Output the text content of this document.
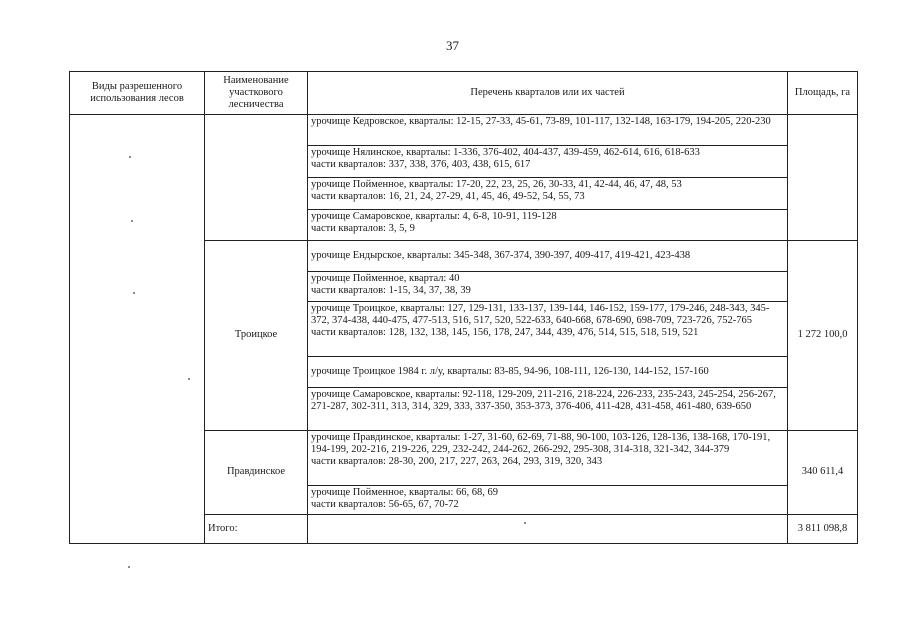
37
Виды разрешенного использования лесов	Наименование участкового лесничества	Перечень кварталов или их частей	Площадь, га

		урочище Кедровское, кварталы: 12-15, 27-33, 45-61, 73-89, 101-117, 132-148, 163-179, 194-205, 220-230	

		урочище Нялинское, кварталы: 1-336, 376-402, 404-437, 439-459, 462-614, 616, 618-633
части кварталов: 337, 338, 376, 403, 438, 615, 617	

		урочище Пойменное, кварталы: 17-20, 22, 23, 25, 26, 30-33, 41, 42-44, 46, 47, 48, 53
части кварталов: 16, 21, 24, 27-29, 41, 45, 46, 49-52, 54, 55, 73	

		урочище Самаровское, кварталы: 4, 6-8, 10-91, 119-128
части кварталов: 3, 5, 9	

	Троицкое	урочище Ендырское, кварталы: 345-348, 367-374, 390-397, 409-417, 419-421, 423-438	1 272 100,0

		урочище Пойменное, квартал: 40
части кварталов: 1-15, 34, 37, 38, 39	

		урочище Троицкое, кварталы: 127, 129-131, 133-137, 139-144, 146-152, 159-177, 179-246, 248-343, 345-372, 374-438, 440-475, 477-513, 516, 517, 520, 522-633, 640-668, 678-690, 698-709, 723-726, 752-765
части кварталов: 128, 132, 138, 145, 156, 178, 247, 344, 439, 476, 514, 515, 518, 519, 521	

		урочище Троицкое 1984 г. л/у, кварталы: 83-85, 94-96, 108-111, 126-130, 144-152, 157-160	

		урочище Самаровское, кварталы: 92-118, 129-209, 211-216, 218-224, 226-233, 235-243, 245-254, 256-267, 271-287, 302-311, 313, 314, 329, 333, 337-350, 353-373, 376-406, 411-428, 431-458, 461-480, 639-650	

	Правдинское	урочище Правдинское, кварталы: 1-27, 31-60, 62-69, 71-88, 90-100, 103-126, 128-136, 138-168, 170-191, 194-199, 202-216, 219-226, 229, 232-242, 244-262, 266-292, 295-308, 314-318, 321-342, 344-379
части кварталов: 28-30, 200, 217, 227, 263, 264, 293, 319, 320, 343	340 611,4

		урочище Пойменное, кварталы: 66, 68, 69
части кварталов: 56-65, 67, 70-72	

	Итого:		3 811 098,8
